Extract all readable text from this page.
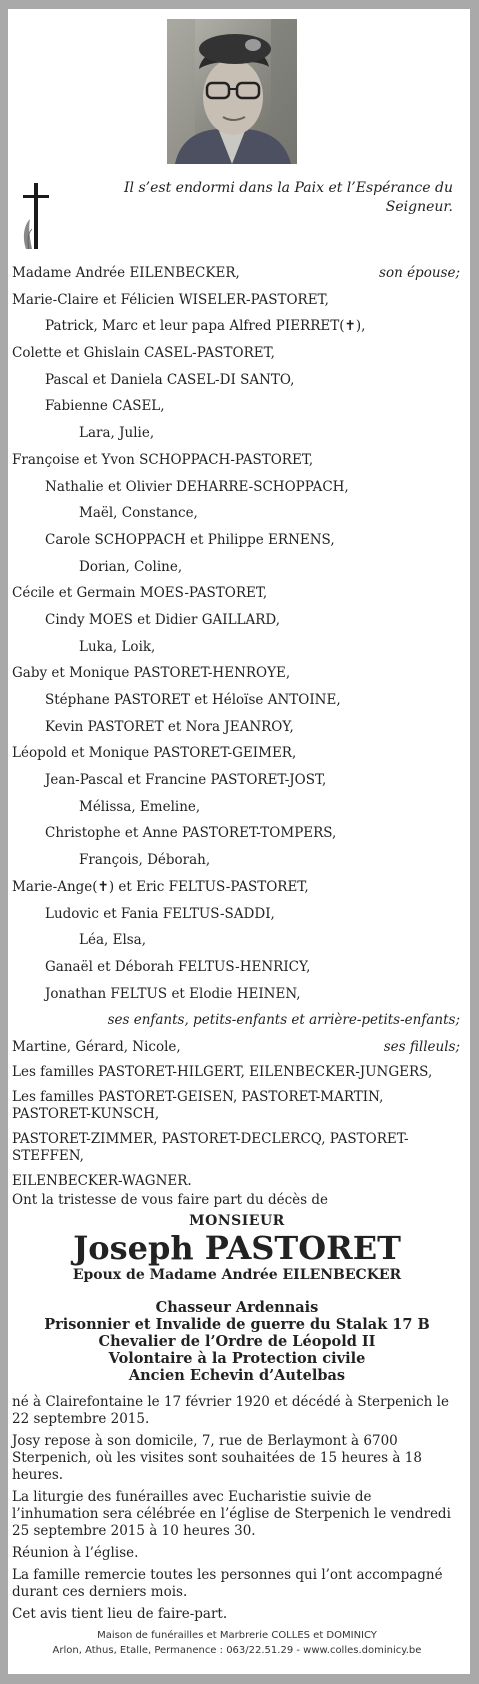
Il s’est endormi dans la Paix et l’Espérance du Seigneur.
Madame Andrée EILENBECKER,	son épouse;
Marie-Claire et Félicien WISELER-PASTORET,
Patrick, Marc et leur papa Alfred PIERRET(✝),
Colette et Ghislain CASEL-PASTORET,
Pascal et Daniela CASEL-DI SANTO,
Fabienne CASEL,
Lara, Julie,
Françoise et Yvon SCHOPPACH-PASTORET,
Nathalie et Olivier DEHARRE-SCHOPPACH,
Maël, Constance,
Carole SCHOPPACH et Philippe ERNENS,
Dorian, Coline,
Cécile et Germain MOES-PASTORET,
Cindy MOES et Didier GAILLARD,
Luka, Loik,
Gaby et Monique PASTORET-HENROYE,
Stéphane PASTORET et Héloïse ANTOINE,
Kevin PASTORET et Nora JEANROY,
Léopold et Monique PASTORET-GEIMER,
Jean-Pascal et Francine PASTORET-JOST,
Mélissa, Emeline,
Christophe et Anne PASTORET-TOMPERS,
François, Déborah,
Marie-Ange(✝) et Eric FELTUS-PASTORET,
Ludovic et Fania FELTUS-SADDI,
Léa, Elsa,
Ganaël et Déborah FELTUS-HENRICY,
Jonathan FELTUS et Elodie HEINEN,
ses enfants, petits-enfants et arrière-petits-enfants;
Martine, Gérard, Nicole,	ses filleuls;
Les familles PASTORET-HILGERT, EILENBECKER-JUNGERS,
Les familles PASTORET-GEISEN, PASTORET-MARTIN, PASTORET-KUNSCH,
PASTORET-ZIMMER, PASTORET-DECLERCQ, PASTORET-STEFFEN,
EILENBECKER-WAGNER.
Ont la tristesse de vous faire part du décès de
MONSIEUR
Joseph PASTORET
Epoux de Madame Andrée EILENBECKER
Chasseur Ardennais
Prisonnier et Invalide de guerre du Stalak 17 B
Chevalier de l’Ordre de Léopold II
Volontaire à la Protection civile
Ancien Echevin d’Autelbas
né à Clairefontaine le 17 février 1920 et décédé à Sterpenich le 22 septembre 2015.
Josy repose à son domicile, 7, rue de Berlaymont à 6700 Sterpenich, où les visites sont souhaitées de 15 heures à 18 heures.
La liturgie des funérailles avec Eucharistie suivie de l’inhumation sera célébrée en l’église de Sterpenich le vendredi 25 septembre 2015 à 10 heures 30.
Réunion à l’église.
La famille remercie toutes les personnes qui l’ont accompagné durant ces derniers mois.
Cet avis tient lieu de faire-part.
Maison de funérailles et Marbrerie COLLES et DOMINICY
Arlon, Athus, Etalle, Permanence : 063/22.51.29 - www.colles.dominicy.be
